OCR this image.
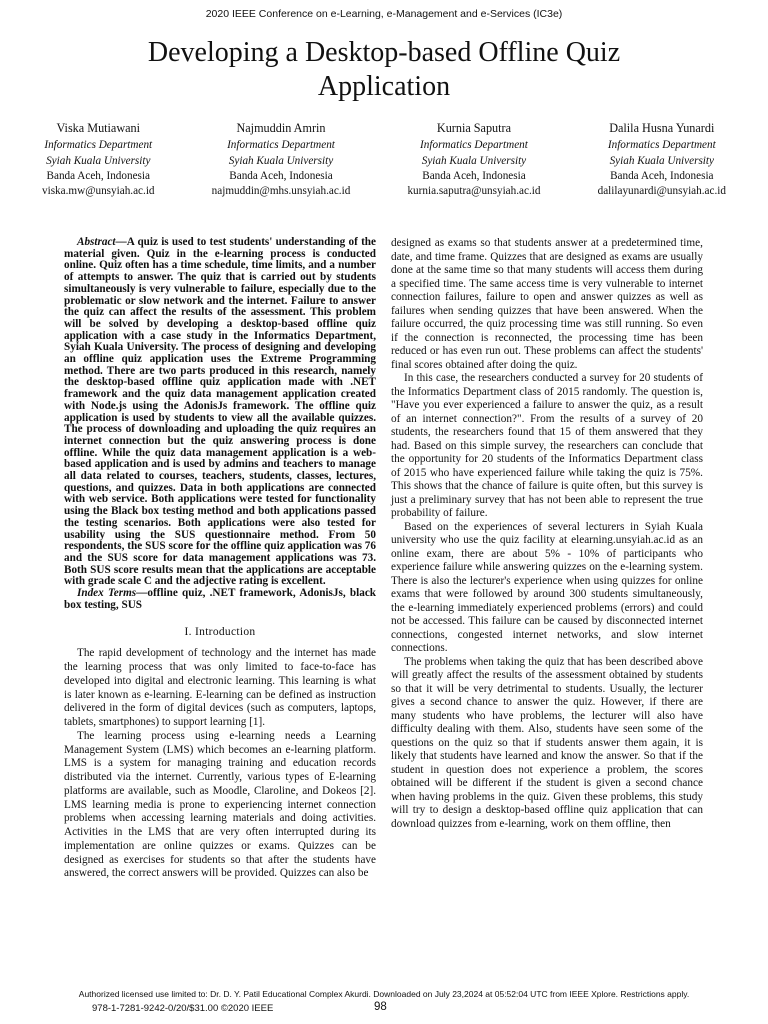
2020 IEEE Conference on e-Learning, e-Management and e-Services (IC3e)
Developing a Desktop-based Offline Quiz
Application
Viska Mutiawani
Informatics Department
Syiah Kuala University
Banda Aceh, Indonesia
viska.mw@unsyiah.ac.id
Najmuddin Amrin
Informatics Department
Syiah Kuala University
Banda Aceh, Indonesia
najmuddin@mhs.unsyiah.ac.id
Kurnia Saputra
Informatics Department
Syiah Kuala University
Banda Aceh, Indonesia
kurnia.saputra@unsyiah.ac.id
Dalila Husna Yunardi
Informatics Department
Syiah Kuala University
Banda Aceh, Indonesia
dalilayunardi@unsyiah.ac.id

Abstract—A quiz is used to test students' understanding of the material given. Quiz in the e-learning process is conducted online. Quiz often has a time schedule, time limits, and a number of attempts to answer. The quiz that is carried out by students simultaneously is very vulnerable to failure, especially due to the problematic or slow network and the internet. Failure to answer the quiz can affect the results of the assessment. This problem will be solved by developing a desktop-based offline quiz application with a case study in the Informatics Department, Syiah Kuala University. The process of designing and developing an offline quiz application uses the Extreme Programming method. There are two parts produced in this research, namely the desktop-based offline quiz application made with .NET framework and the quiz data management application created with Node.js using the AdonisJs framework. The offline quiz application is used by students to view all the available quizzes. The process of downloading and uploading the quiz requires an internet connection but the quiz answering process is done offline. While the quiz data management application is a web-based application and is used by admins and teachers to manage all data related to courses, teachers, students, classes, lectures, questions, and quizzes. Data in both applications are connected with web service. Both applications were tested for functionality using the Black box testing method and both applications passed the testing scenarios. Both applications were also tested for usability using the SUS questionnaire method. From 50 respondents, the SUS score for the offline quiz application was 76 and the SUS score for data management applications was 73. Both SUS score results mean that the applications are acceptable with grade scale C and the adjective rating is excellent.

Index Terms—offline quiz, .NET framework, AdonisJs, black box testing, SUS

I. Introduction

The rapid development of technology and the internet has made the learning process that was only limited to face-to-face has developed into digital and electronic learning. This learning is what is later known as e-learning. E-learning can be defined as instruction delivered in the form of digital devices (such as computers, laptops, tablets, smartphones) to support learning [1].

The learning process using e-learning needs a Learning Management System (LMS) which becomes an e-learning platform. LMS is a system for managing training and education records distributed via the internet. Currently, various types of E-learning platforms are available, such as Moodle, Claroline, and Dokeos [2]. LMS learning media is prone to experiencing internet connection problems when accessing learning materials and doing activities. Activities in the LMS that are very often interrupted during its implementation are online quizzes or exams. Quizzes can be designed as exercises for students so that after the students have answered, the correct answers will be provided. Quizzes can also be

designed as exams so that students answer at a predetermined time, date, and time frame. Quizzes that are designed as exams are usually done at the same time so that many students will access them during a specified time. The same access time is very vulnerable to internet connection failures, failure to open and answer quizzes as well as failures when sending quizzes that have been answered. When the failure occurred, the quiz processing time was still running. So even if the connection is reconnected, the processing time has been reduced or has even run out. These problems can affect the students' final scores obtained after doing the quiz.

In this case, the researchers conducted a survey for 20 students of the Informatics Department class of 2015 randomly. The question is, "Have you ever experienced a failure to answer the quiz, as a result of an internet connection?". From the results of a survey of 20 students, the researchers found that 15 of them answered that they had. Based on this simple survey, the researchers can conclude that the opportunity for 20 students of the Informatics Department class of 2015 who have experienced failure while taking the quiz is 75%. This shows that the chance of failure is quite often, but this survey is just a preliminary survey that has not been able to represent the true probability of failure.

Based on the experiences of several lecturers in Syiah Kuala university who use the quiz facility at elearning.unsyiah.ac.id as an online exam, there are about 5% - 10% of participants who experience failure while answering quizzes on the e-learning system. There is also the lecturer's experience when using quizzes for online exams that were followed by around 300 students simultaneously, the e-learning immediately experienced problems (errors) and could not be accessed. This failure can be caused by disconnected internet connections, congested internet networks, and slow internet connections.

The problems when taking the quiz that has been described above will greatly affect the results of the assessment obtained by students so that it will be very detrimental to students. Usually, the lecturer gives a second chance to answer the quiz. However, if there are many students who have problems, the lecturer will also have difficulty dealing with them. Also, students have seen some of the questions on the quiz so that if students answer them again, it is likely that students have learned and know the answer. So that if the student in question does not experience a problem, the scores obtained will be different if the student is given a second chance when having problems in the quiz. Given these problems, this study will try to design a desktop-based offline quiz application that can download quizzes from e-learning, work on them offline, then

Authorized licensed use limited to: Dr. D. Y. Patil Educational Complex Akurdi. Downloaded on July 23,2024 at 05:52:04 UTC from IEEE Xplore. Restrictions apply.
978-1-7281-9242-0/20/$31.00 ©2020 IEEE	98
